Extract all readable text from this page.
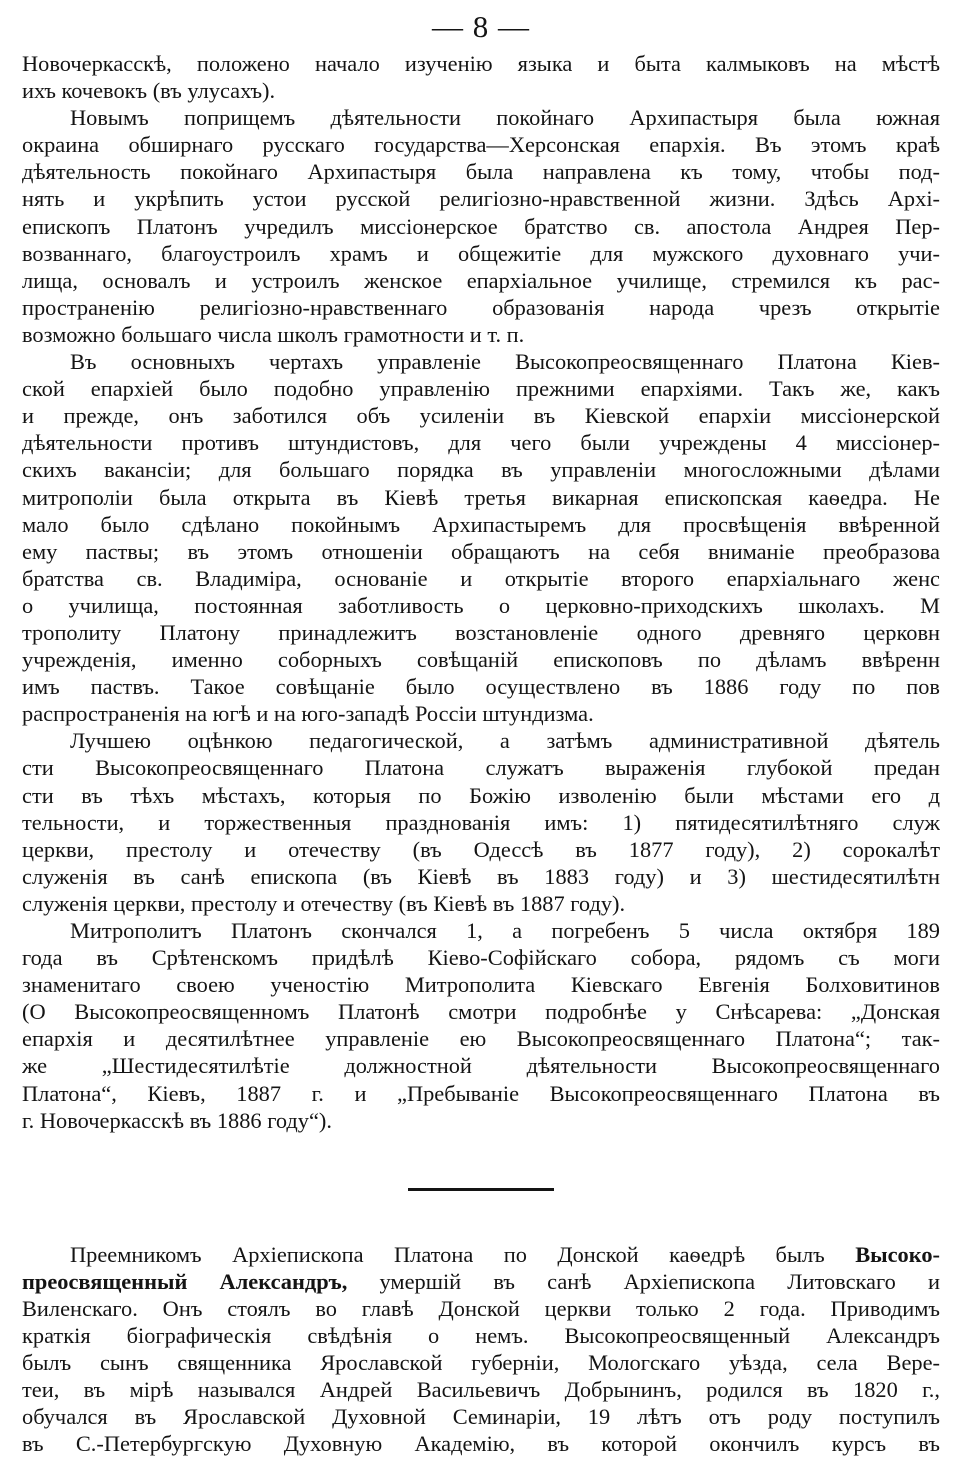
— 8 —
Новочеркасскѣ, положено начало изученію языка и быта калмыковъ на мѣстѣ
ихъ кочевокъ (въ улусахъ).
Новымъ поприщемъ дѣятельности покойнаго Архипастыря была южная
окраина обширнаго русскаго государства—Херсонская епархія. Въ этомъ краѣ
дѣятельность покойнаго Архипастыря была направлена къ тому, чтобы под-
нять и укрѣпить устои русской религіозно-нравственной жизни. Здѣсь Архі-
епископъ Платонъ учредилъ миссіонерское братство св. апостола Андрея Пер-
возваннаго, благоустроилъ храмъ и общежитіе для мужского духовнаго учи-
лища, основалъ и устроилъ женское епархіальное училище, стремился къ рас-
пространенію религіозно-нравственнаго образованія народа чрезъ открытіе
возможно большаго числа школъ грамотности и т. п.
Въ основныхъ чертахъ управленіе Высокопреосвященнаго Платона Кіев-
ской епархіей было подобно управленію прежними епархіями. Такъ же, какъ
и прежде, онъ заботился объ усиленіи въ Кіевской епархіи миссіонерской
дѣятельности противъ штундистовъ, для чего были учреждены 4 миссіонер-
скихъ вакансіи; для большаго порядка въ управленіи многосложными дѣлами
митрополіи была открыта въ Кіевѣ третья викарная епископская каѳедра. Не
мало было сдѣлано покойнымъ Архипастыремъ для просвѣщенія ввѣренной
ему паствы; въ этомъ отношеніи обращаютъ на себя вниманіе преобразова
братства св. Владиміра, основаніе и открытіе второго епархіальнаго женс
о училища, постоянная заботливость о церковно-приходскихъ школахъ. М
трополиту Платону принадлежитъ возстановленіе одного древняго церковн
учрежденія, именно соборныхъ совѣщаній епископовъ по дѣламъ ввѣренн
имъ паствъ. Такое совѣщаніе было осуществлено въ 1886 году по пов
распространенія на югѣ и на юго-западѣ Россіи штундизма.
Лучшею оцѣнкою педагогической, а затѣмъ административной дѣятель
сти Высокопреосвященнаго Платона служатъ выраженія глубокой предан
сти въ тѣхъ мѣстахъ, которыя по Божію изволенію были мѣстами его д
тельности, и торжественныя празднованія имъ: 1) пятидесятилѣтняго служ
церкви, престолу и отечеству (въ Одессѣ въ 1877 году), 2) сорокалѣт
служенія въ санѣ епископа (въ Кіевѣ въ 1883 году) и 3) шестидесятилѣтн
служенія церкви, престолу и отечеству (въ Кіевѣ въ 1887 году).
Митрополитъ Платонъ скончался 1, а погребенъ 5 числа октября 189
года въ Срѣтенскомъ придѣлѣ Кіево-Софійскаго собора, рядомъ съ моги
знаменитаго своею ученостію Митрополита Кіевскаго Евгенія Болховитинов
(О Высокопреосвященномъ Платонѣ смотри подробнѣе у Снѣсарева: „Донская
епархія и десятилѣтнее управленіе ею Высокопреосвященнаго Платона“; так-
же „Шестидесятилѣтіе должностной дѣятельности Высокопреосвященнаго
Платона“, Кіевъ, 1887 г. и „Пребываніе Высокопреосвященнаго Платона въ
г. Новочеркасскѣ въ 1886 году“).
Преемникомъ Архіепископа Платона по Донской каѳедрѣ былъ Высоко-
преосвященный Александръ, умершій въ санѣ Архіепископа Литовскаго и
Виленскаго. Онъ стоялъ во главѣ Донской церкви только 2 года. Приводимъ
краткія біографическія свѣдѣнія о немъ. Высокопреосвященный Александръ
былъ сынъ священника Ярославской губерніи, Мологскаго уѣзда, села Вере-
теи, въ мірѣ назывался Андрей Васильевичъ Добрынинъ, родился въ 1820 г.,
обучался въ Ярославской Духовной Семинаріи, 19 лѣтъ отъ роду поступилъ
въ С.-Петербургскую Духовную Академію, въ которой окончилъ курсъ въ
